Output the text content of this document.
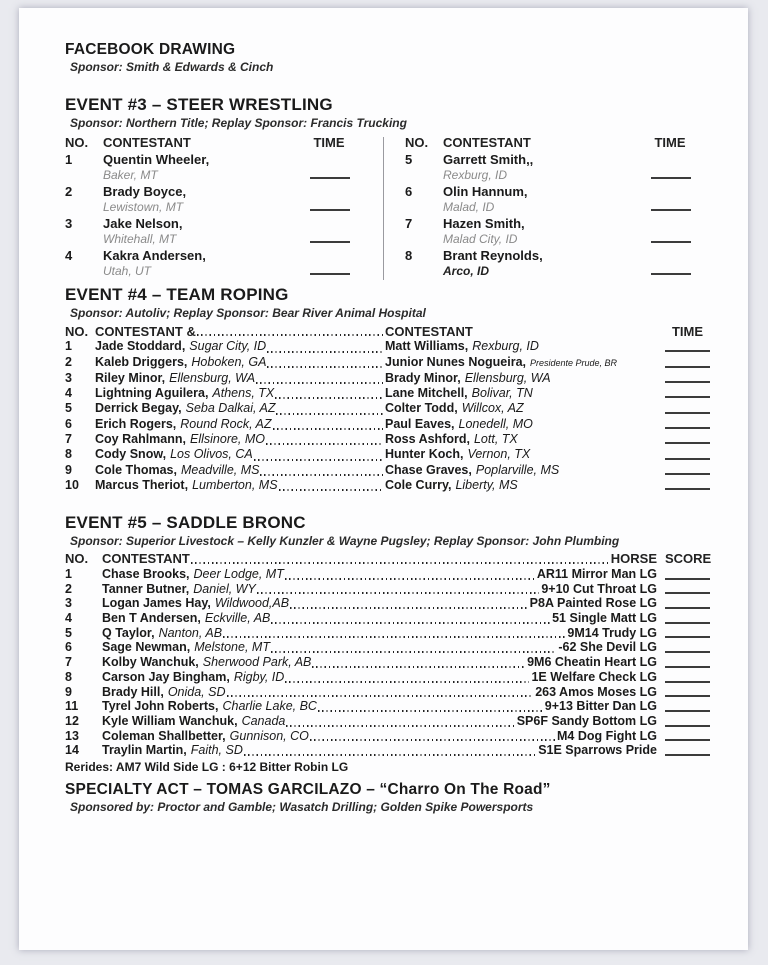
FACEBOOK DRAWING

Sponsor: Smith & Edwards & Cinch

EVENT #3 – STEER WRESTLING

Sponsor: Northern Title; Replay Sponsor: Francis Trucking

NO.	CONTESTANT	TIME
1	Quentin Wheeler,
Baker, MT
2	Brady Boyce,
Lewistown, MT
3	Jake Nelson,
Whitehall, MT
4	Kakra Andersen,
Utah, UT
NO.	CONTESTANT	TIME
5	Garrett Smith,,
Rexburg, ID
6	Olin Hannum,
Malad, ID
7	Hazen Smith,
Malad City, ID
8	Brant Reynolds,
Arco, ID
EVENT #4 – TEAM ROPING

Sponsor: Autoliv; Replay Sponsor: Bear River Animal Hospital

NO. CONTESTANT &	CONTESTANT	TIME
1	Jade Stoddard, Sugar City, ID	Matt Williams, Rexburg, ID
2	Kaleb Driggers, Hoboken, GA	Junior Nunes Nogueira, Presidente Prude, BR
3	Riley Minor, Ellensburg, WA	Brady Minor, Ellensburg, WA
4	Lightning Aguilera, Athens, TX	Lane Mitchell, Bolivar, TN
5	Derrick Begay, Seba Dalkai, AZ	Colter Todd, Willcox, AZ
6	Erich Rogers, Round Rock, AZ	Paul Eaves, Lonedell, MO
7	Coy Rahlmann, Ellsinore, MO	Ross Ashford, Lott, TX
8	Cody Snow, Los Olivos, CA	Hunter Koch, Vernon, TX
9	Cole Thomas, Meadville, MS	Chase Graves, Poplarville, MS
10	Marcus Theriot, Lumberton, MS	Cole Curry, Liberty, MS
EVENT #5 – SADDLE BRONC

Sponsor: Superior Livestock – Kelly Kunzler & Wayne Pugsley; Replay Sponsor: John Plumbing

NO.	CONTESTANT	HORSE SCORE
1	Chase Brooks, Deer Lodge, MT	AR11 Mirror Man LG
2	Tanner Butner, Daniel, WY	9+10 Cut Throat LG
3	Logan James Hay, Wildwood,AB	P8A Painted Rose LG
4	Ben T Andersen, Eckville, AB	51 Single Matt LG
5	Q Taylor, Nanton, AB	9M14 Trudy LG
6	Sage Newman, Melstone, MT	-62 She Devil LG
7	Kolby Wanchuk, Sherwood Park, AB	9M6 Cheatin Heart LG
8	Carson Jay Bingham, Rigby, ID	1E Welfare Check LG
9	Brady Hill, Onida, SD	263 Amos Moses LG
11	Tyrel John Roberts, Charlie Lake, BC	9+13 Bitter Dan LG
12	Kyle William Wanchuk, Canada	SP6F Sandy Bottom LG
13	Coleman Shallbetter, Gunnison, CO	M4 Dog Fight LG
14	Traylin Martin, Faith, SD	S1E Sparrows Pride

Rerides: AM7 Wild Side LG : 6+12 Bitter Robin LG

SPECIALTY ACT – TOMAS GARCILAZO – “Charro On The Road”

Sponsored by: Proctor and Gamble; Wasatch Drilling; Golden Spike Powersports
